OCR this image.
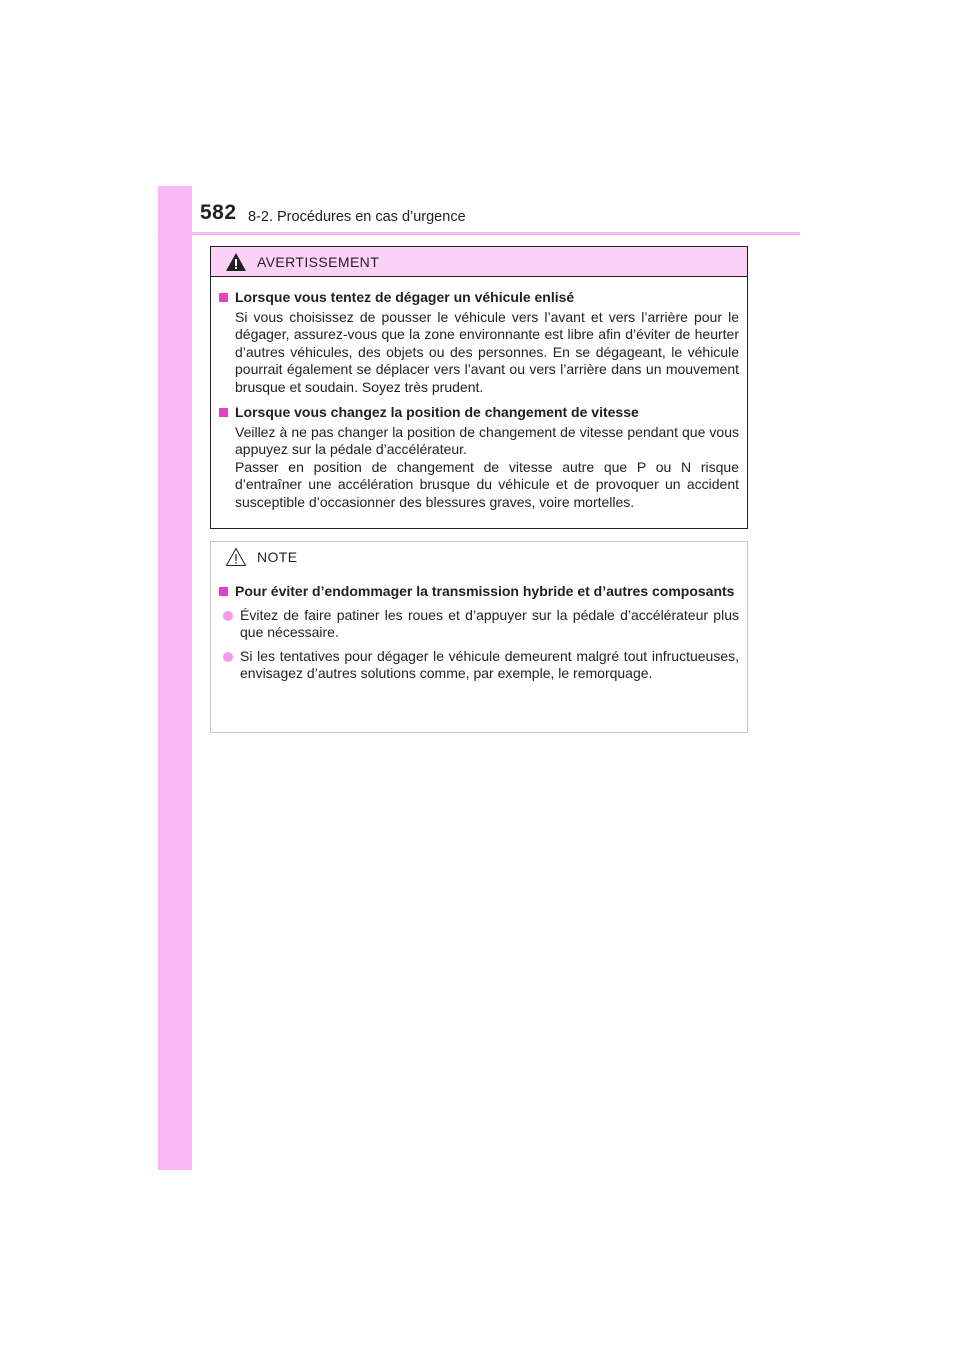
582 8-2. Procédures en cas d’urgence
AVERTISSEMENT
Lorsque vous tentez de dégager un véhicule enlisé
Si vous choisissez de pousser le véhicule vers l’avant et vers l’arrière pour le dégager, assurez-vous que la zone environnante est libre afin d’éviter de heurter d’autres véhicules, des objets ou des personnes. En se dégageant, le véhicule pourrait également se déplacer vers l’avant ou vers l’arrière dans un mouvement brusque et soudain. Soyez très prudent.
Lorsque vous changez la position de changement de vitesse
Veillez à ne pas changer la position de changement de vitesse pendant que vous appuyez sur la pédale d’accélérateur.
Passer en position de changement de vitesse autre que P ou N risque d’entraîner une accélération brusque du véhicule et de provoquer un accident susceptible d’occasionner des blessures graves, voire mortelles.
NOTE
Pour éviter d’endommager la transmission hybride et d’autres composants
Évitez de faire patiner les roues et d’appuyer sur la pédale d’accélérateur plus que nécessaire.
Si les tentatives pour dégager le véhicule demeurent malgré tout infructueuses, envisagez d’autres solutions comme, par exemple, le remorquage.
